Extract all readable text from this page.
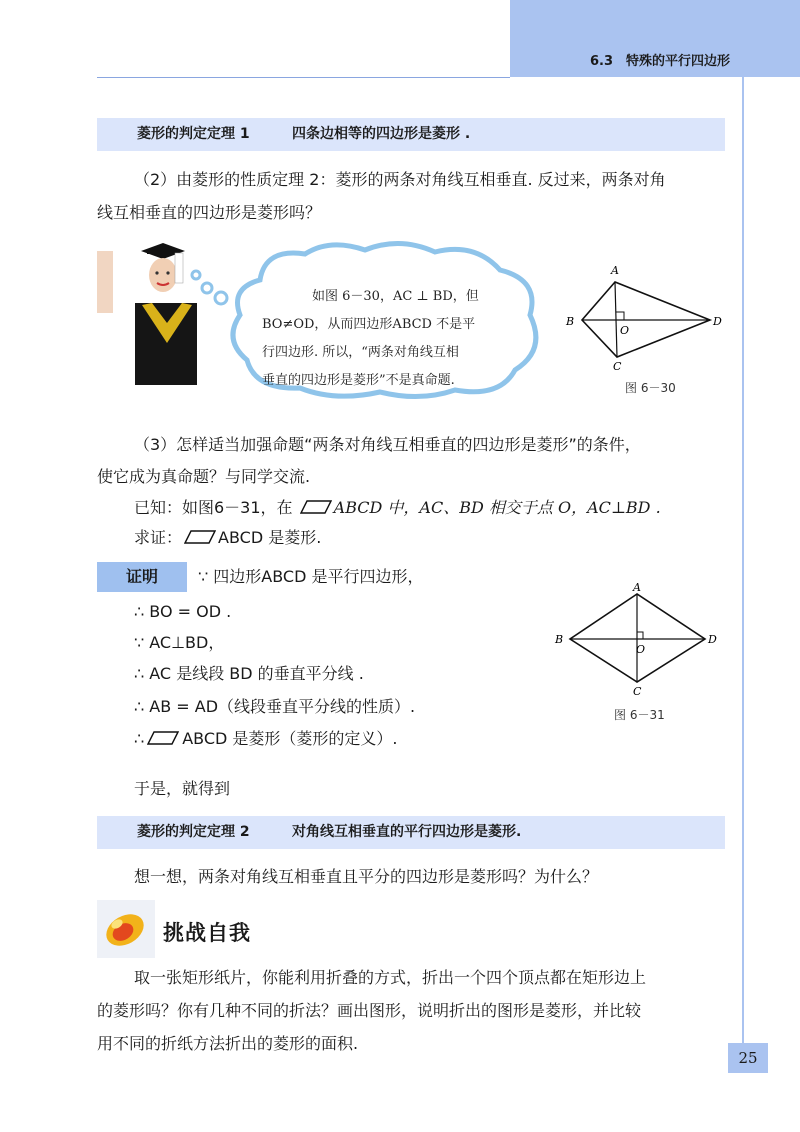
6.3　特殊的平行四边形
菱形的判定定理 1	四条边相等的四边形是菱形 .
（2）由菱形的性质定理 2：菱形的两条对角线互相垂直. 反过来，两条对角
线互相垂直的四边形是菱形吗？
如图 6－30，AC ⊥ BD，但
BO≠OD，从而四边形ABCD 不是平
行四边形. 所以，“两条对角线互相
垂直的四边形是菱形”不是真命题.
A
B
C
D
O
图 6－30
（3）怎样适当加强命题“两条对角线互相垂直的四边形是菱形”的条件，
使它成为真命题？与同学交流.
已知：如图6－31，在	ABCD 中，AC、BD 相交于点 O，AC⊥BD .
求证： ABCD 是菱形.
证明	∵ 四边形ABCD 是平行四边形，
∴ BO = OD .
∵ AC⊥BD，
∴ AC 是线段 BD 的垂直平分线 .
∴ AB = AD（线段垂直平分线的性质）.
∴ ABCD 是菱形（菱形的定义）.
A
B
C
D
O
图 6－31
于是，就得到
菱形的判定定理 2	对角线互相垂直的平行四边形是菱形.
想一想，两条对角线互相垂直且平分的四边形是菱形吗？为什么？
挑战自我
取一张矩形纸片，你能利用折叠的方式，折出一个四个顶点都在矩形边上
的菱形吗？你有几种不同的折法？画出图形，说明折出的图形是菱形，并比较
用不同的折纸方法折出的菱形的面积.
25
